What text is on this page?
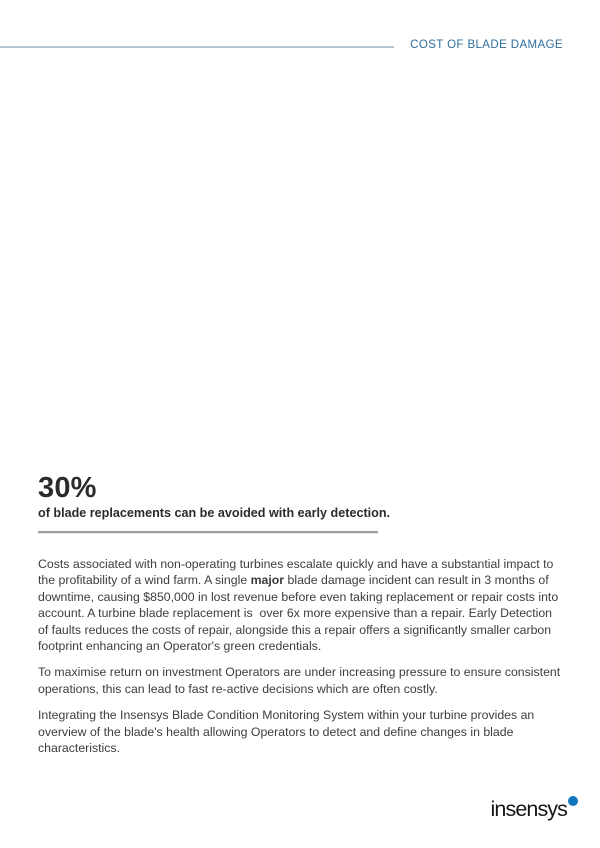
COST OF BLADE DAMAGE
30%
of blade replacements can be avoided with early detection.

Costs associated with non-operating turbines escalate quickly and have a substantial impact to the profitability of a wind farm. A single major blade damage incident can result in 3 months of downtime, causing $850,000 in lost revenue before even taking replacement or repair costs into account. A turbine blade replacement is  over 6x more expensive than a repair. Early Detection of faults reduces the costs of repair, alongside this a repair offers a significantly smaller carbon footprint enhancing an Operator's green credentials.

To maximise return on investment Operators are under increasing pressure to ensure consistent operations, this can lead to fast re-active decisions which are often costly.

Integrating the Insensys Blade Condition Monitoring System within your turbine provides an overview of the blade's health allowing Operators to detect and define changes in blade characteristics.

insensys
